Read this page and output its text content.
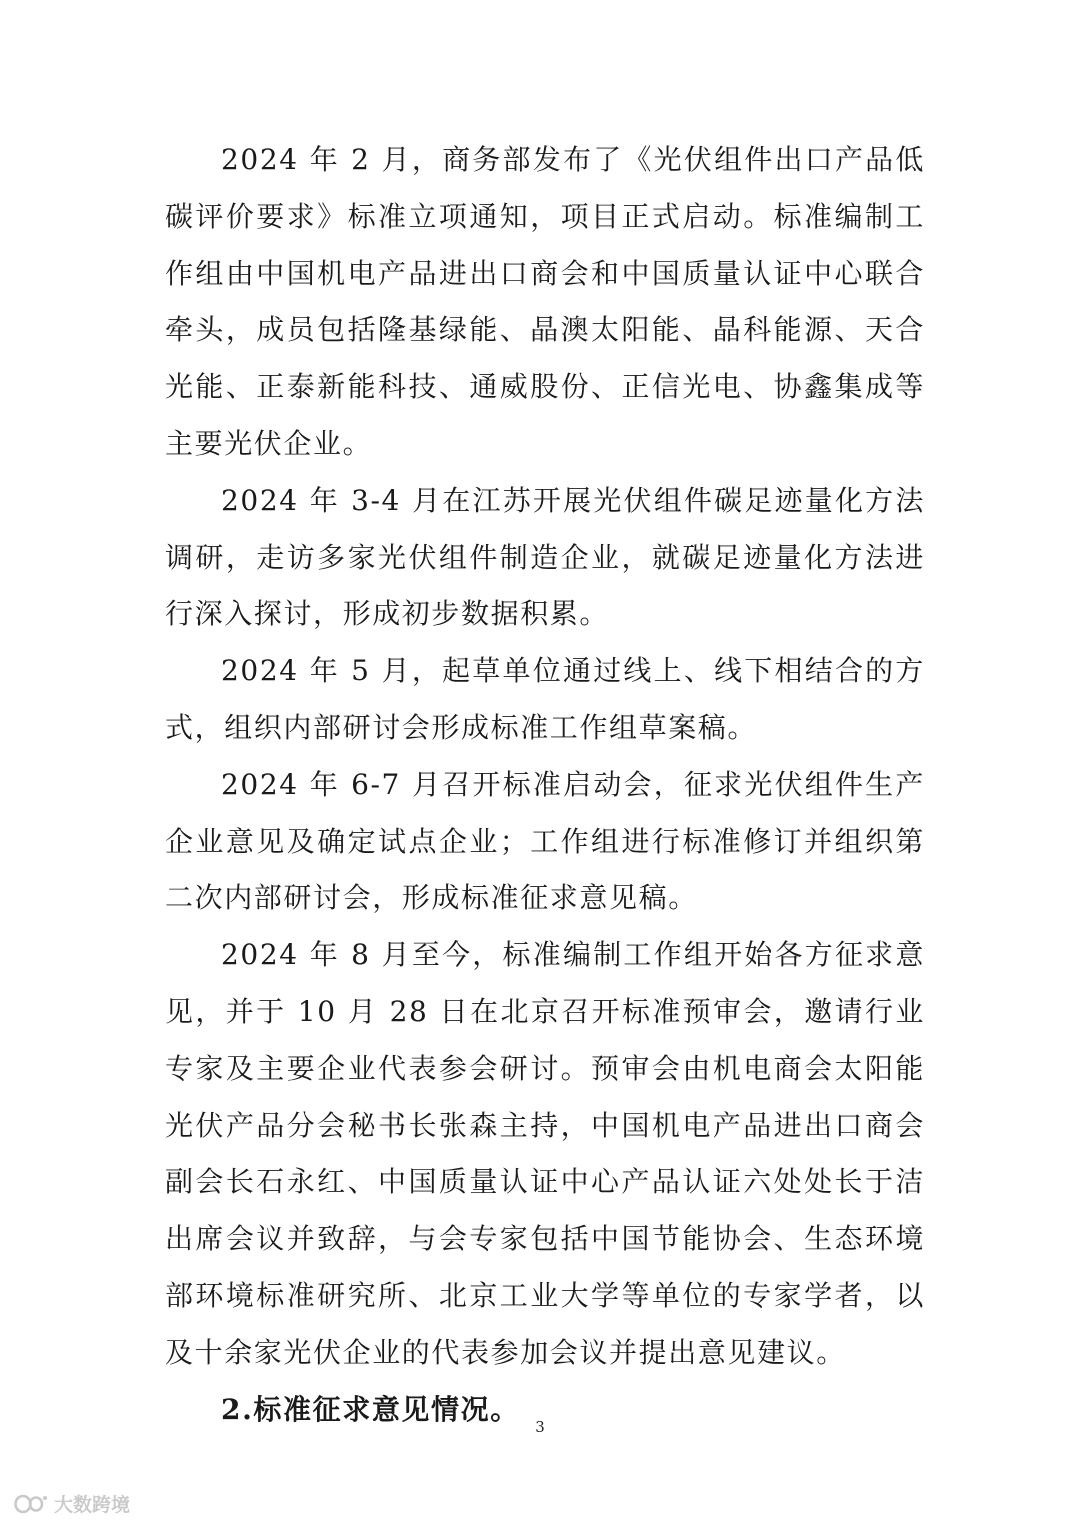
2024 年 2 月，商务部发布了《光伏组件出口产品低碳评价要求》标准立项通知，项目正式启动。标准编制工作组由中国机电产品进出口商会和中国质量认证中心联合牵头，成员包括隆基绿能、晶澳太阳能、晶科能源、天合光能、正泰新能科技、通威股份、正信光电、协鑫集成等主要光伏企业。

2024 年 3-4 月在江苏开展光伏组件碳足迹量化方法调研，走访多家光伏组件制造企业，就碳足迹量化方法进行深入探讨，形成初步数据积累。

2024 年 5 月，起草单位通过线上、线下相结合的方式，组织内部研讨会形成标准工作组草案稿。

2024 年 6-7 月召开标准启动会，征求光伏组件生产企业意见及确定试点企业；工作组进行标准修订并组织第二次内部研讨会，形成标准征求意见稿。

2024 年 8 月至今，标准编制工作组开始各方征求意见，并于 10 月 28 日在北京召开标准预审会，邀请行业专家及主要企业代表参会研讨。预审会由机电商会太阳能光伏产品分会秘书长张森主持，中国机电产品进出口商会副会长石永红、中国质量认证中心产品认证六处处长于洁出席会议并致辞，与会专家包括中国节能协会、生态环境部环境标准研究所、北京工业大学等单位的专家学者，以及十余家光伏企业的代表参加会议并提出意见建议。

2.标准征求意见情况。

3
大数跨境
